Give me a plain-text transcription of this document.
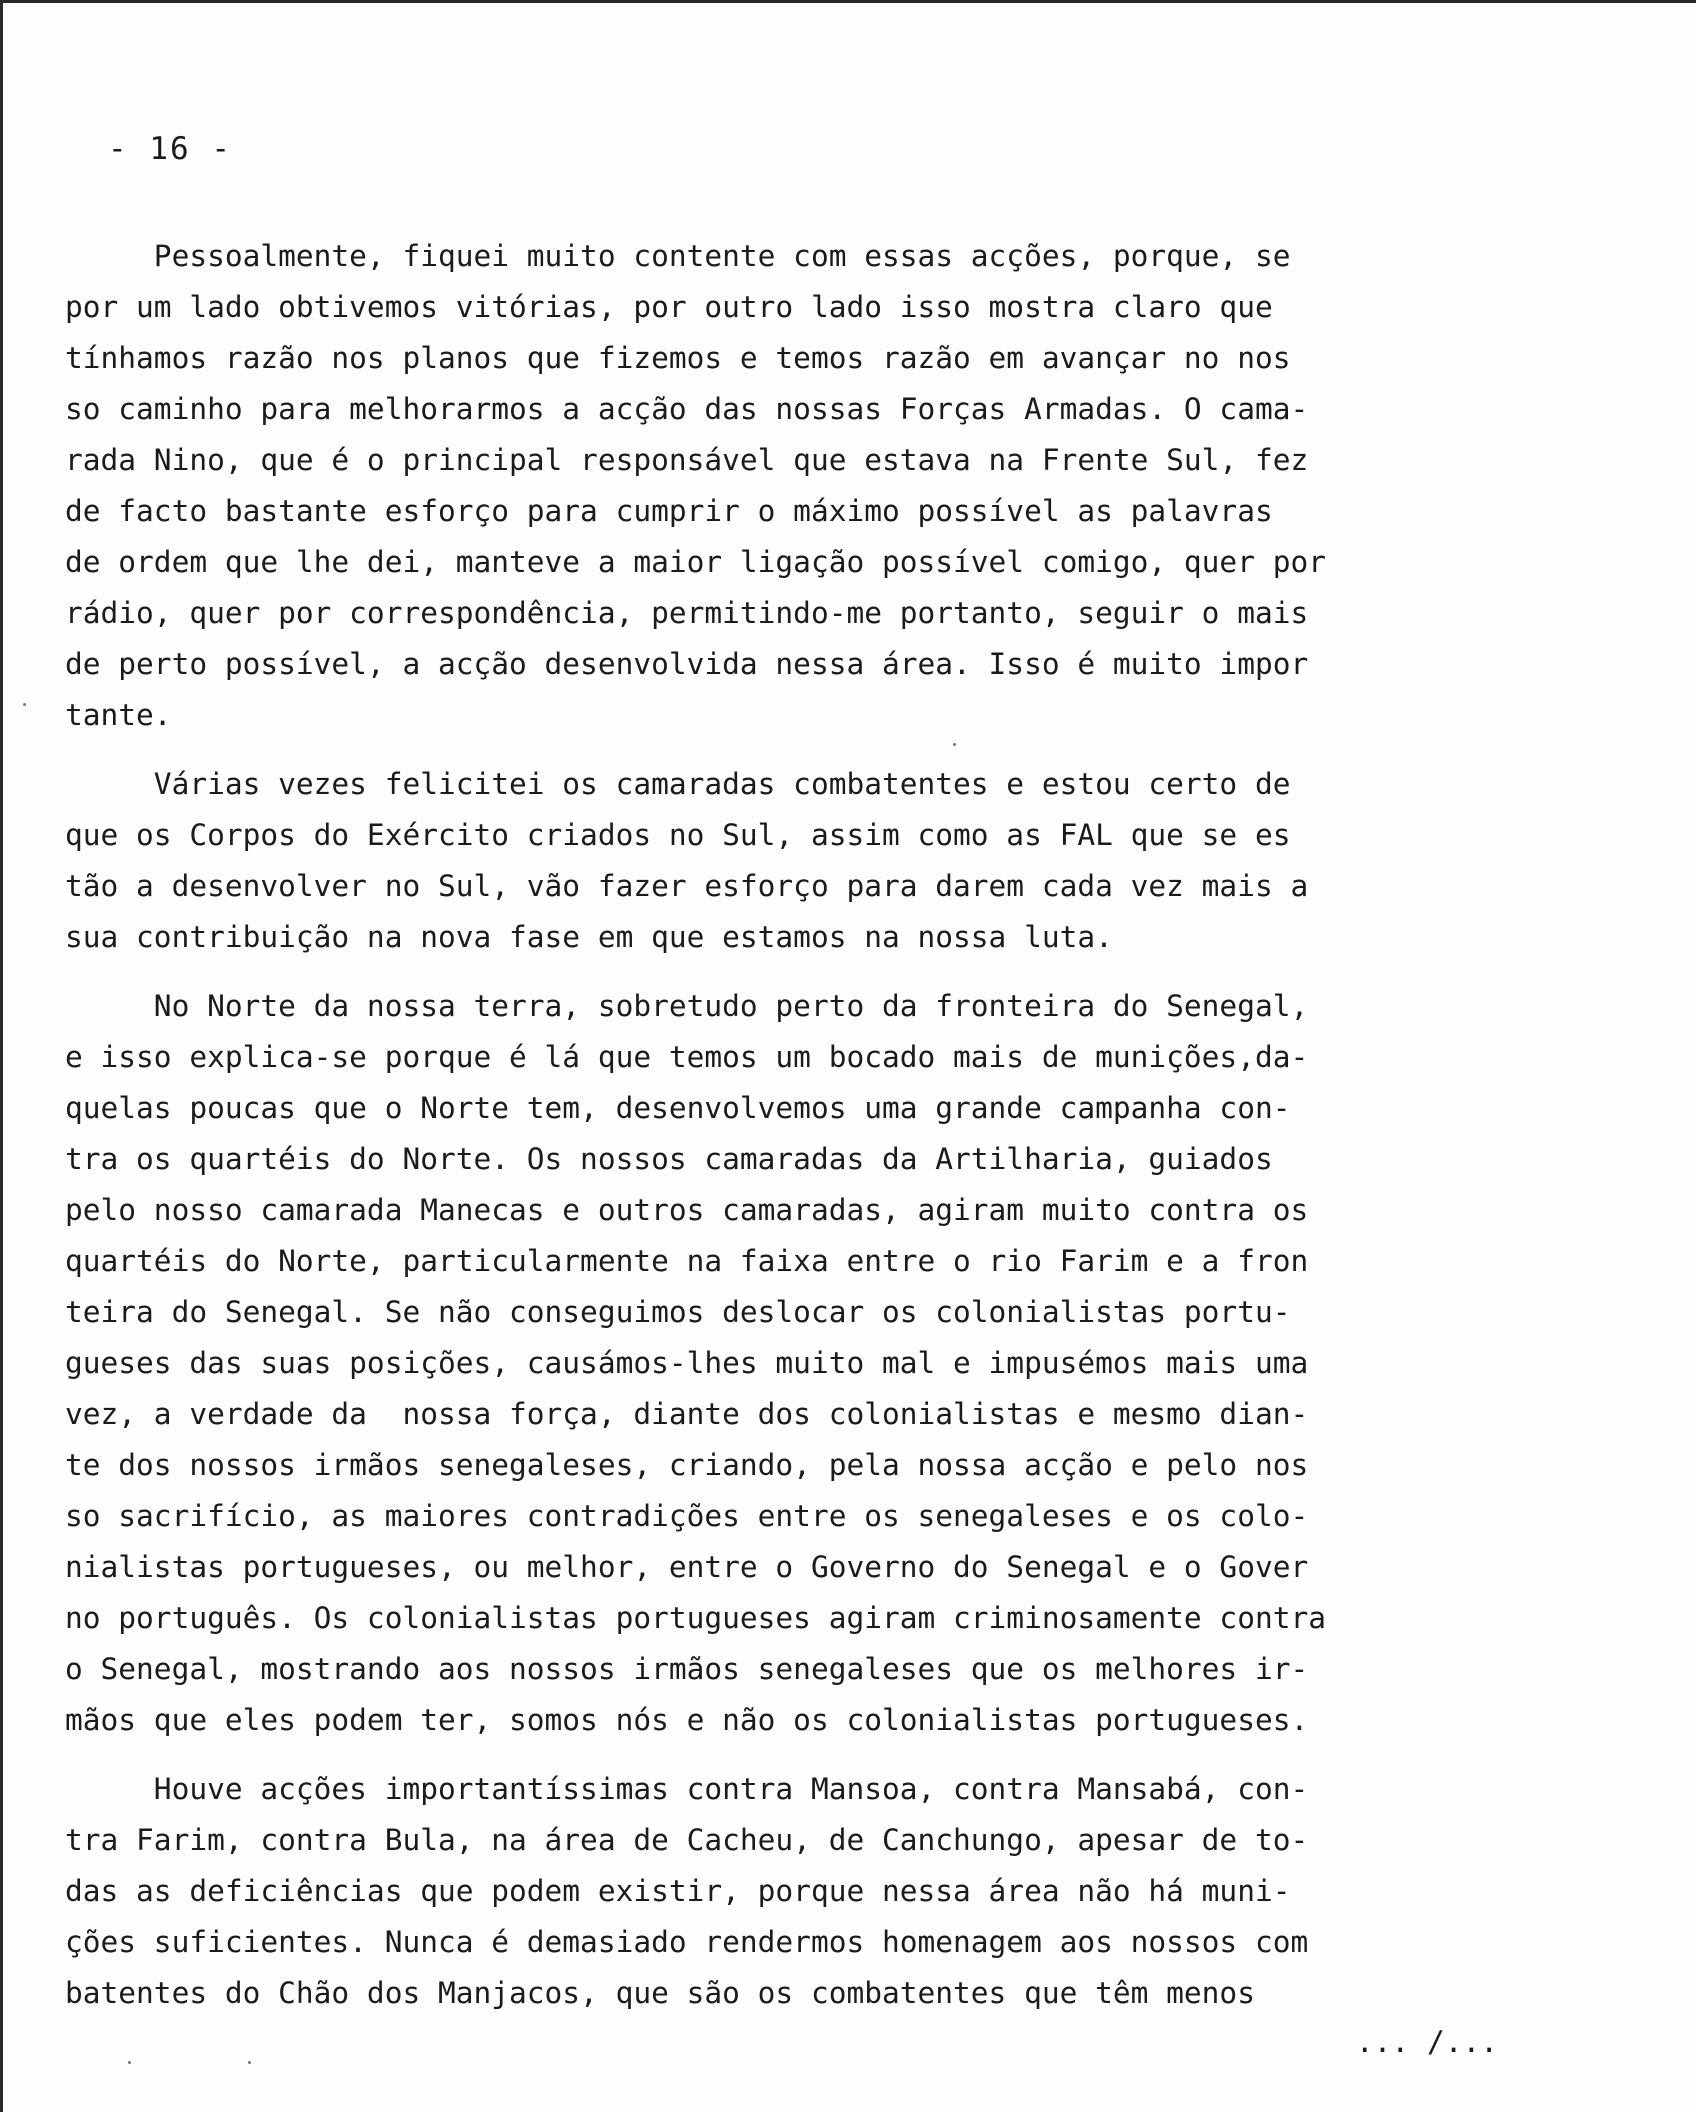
- 16 -
Pessoalmente, fiquei muito contente com essas acções, porque, se
por um lado obtivemos vitórias, por outro lado isso mostra claro que
tínhamos razão nos planos que fizemos e temos razão em avançar no nos
so caminho para melhorarmos a acção das nossas Forças Armadas. O cama-
rada Nino, que é o principal responsável que estava na Frente Sul, fez
de facto bastante esforço para cumprir o máximo possível as palavras
de ordem que lhe dei, manteve a maior ligação possível comigo, quer por
rádio, quer por correspondência, permitindo-me portanto, seguir o mais
de perto possível, a acção desenvolvida nessa área. Isso é muito impor
tante.
Várias vezes felicitei os camaradas combatentes e estou certo de
que os Corpos do Exército criados no Sul, assim como as FAL que se es
tão a desenvolver no Sul, vão fazer esforço para darem cada vez mais a
sua contribuição na nova fase em que estamos na nossa luta.
No Norte da nossa terra, sobretudo perto da fronteira do Senegal,
e isso explica-se porque é lá que temos um bocado mais de munições,da-
quelas poucas que o Norte tem, desenvolvemos uma grande campanha con-
tra os quartéis do Norte. Os nossos camaradas da Artilharia, guiados
pelo nosso camarada Manecas e outros camaradas, agiram muito contra os
quartéis do Norte, particularmente na faixa entre o rio Farim e a fron
teira do Senegal. Se não conseguimos deslocar os colonialistas portu-
gueses das suas posições, causámos-lhes muito mal e impusémos mais uma
vez, a verdade da  nossa força, diante dos colonialistas e mesmo dian-
te dos nossos irmãos senegaleses, criando, pela nossa acção e pelo nos
so sacrifício, as maiores contradições entre os senegaleses e os colo-
nialistas portugueses, ou melhor, entre o Governo do Senegal e o Gover
no português. Os colonialistas portugueses agiram criminosamente contra
o Senegal, mostrando aos nossos irmãos senegaleses que os melhores ir-
mãos que eles podem ter, somos nós e não os colonialistas portugueses.
Houve acções importantíssimas contra Mansoa, contra Mansabá, con-
tra Farim, contra Bula, na área de Cacheu, de Canchungo, apesar de to-
das as deficiências que podem existir, porque nessa área não há muni-
ções suficientes. Nunca é demasiado rendermos homenagem aos nossos com
batentes do Chão dos Manjacos, que são os combatentes que têm menos
... /...
